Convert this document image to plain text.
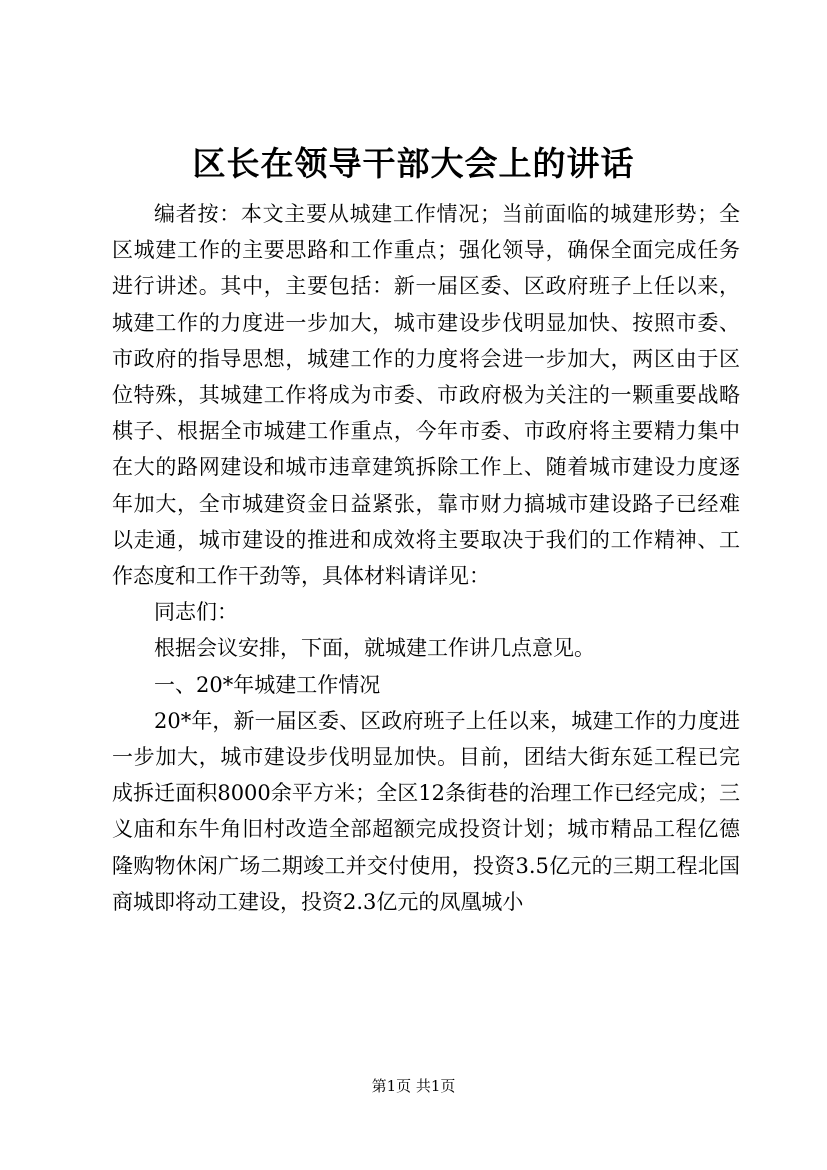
区长在领导干部大会上的讲话

编者按：本文主要从城建工作情况；当前面临的城建形势；全区城建工作的主要思路和工作重点；强化领导，确保全面完成任务进行讲述。其中，主要包括：新一届区委、区政府班子上任以来，城建工作的力度进一步加大，城市建设步伐明显加快、按照市委、市政府的指导思想，城建工作的力度将会进一步加大，两区由于区位特殊，其城建工作将成为市委、市政府极为关注的一颗重要战略棋子、根据全市城建工作重点，今年市委、市政府将主要精力集中在大的路网建设和城市违章建筑拆除工作上、随着城市建设力度逐年加大，全市城建资金日益紧张，靠市财力搞城市建设路子已经难以走通，城市建设的推进和成效将主要取决于我们的工作精神、工作态度和工作干劲等，具体材料请详见：

同志们：

根据会议安排，下面，就城建工作讲几点意见。

一、20*年城建工作情况

20*年，新一届区委、区政府班子上任以来，城建工作的力度进一步加大，城市建设步伐明显加快。目前，团结大街东延工程已完成拆迁面积8000余平方米；全区12条街巷的治理工作已经完成；三义庙和东牛角旧村改造全部超额完成投资计划；城市精品工程亿德隆购物休闲广场二期竣工并交付使用，投资3.5亿元的三期工程北国商城即将动工建设，投资2.3亿元的凤凰城小

第1页 共1页
